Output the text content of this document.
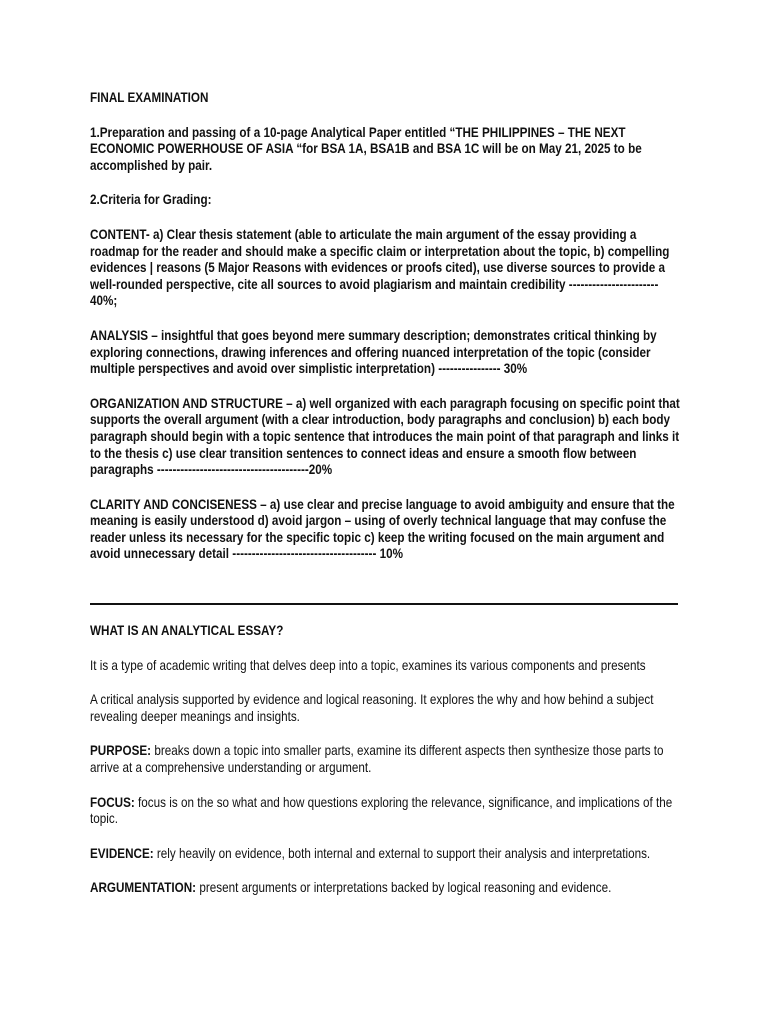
FINAL EXAMINATION

1.Preparation and passing of a 10-page Analytical Paper entitled “THE PHILIPPINES – THE NEXT ECONOMIC POWERHOUSE OF ASIA “for BSA 1A, BSA1B and BSA 1C will be on May 21, 2025 to be accomplished by pair.

2.Criteria for Grading:

CONTENT- a) Clear thesis statement (able to articulate the main argument of the essay providing a roadmap for the reader and should make a specific claim or interpretation about the topic, b) compelling evidences | reasons (5 Major Reasons with evidences or proofs cited), use diverse sources to provide a well-rounded perspective, cite all sources to avoid plagiarism and maintain credibility ----------------------- 40%;

ANALYSIS – insightful that goes beyond mere summary description; demonstrates critical thinking by exploring connections, drawing inferences and offering nuanced interpretation of the topic (consider multiple perspectives and avoid over simplistic interpretation) ---------------- 30%

ORGANIZATION AND STRUCTURE – a) well organized with each paragraph focusing on specific point that supports the overall argument (with a clear introduction, body paragraphs and conclusion) b) each body paragraph should begin with a topic sentence that introduces the main point of that paragraph and links it to the thesis c) use clear transition sentences to connect ideas and ensure a smooth flow between paragraphs ---------------------------------------20%

CLARITY AND CONCISENESS – a) use clear and precise language to avoid ambiguity and ensure that the meaning is easily understood d) avoid jargon – using of overly technical language that may confuse the reader unless its necessary for the specific topic c) keep the writing focused on the main argument and avoid unnecessary detail ------------------------------------- 10%

WHAT IS AN ANALYTICAL ESSAY?

It is a type of academic writing that delves deep into a topic, examines its various components and presents

A critical analysis supported by evidence and logical reasoning. It explores the why and how behind a subject revealing deeper meanings and insights.

PURPOSE: breaks down a topic into smaller parts, examine its different aspects then synthesize those parts to arrive at a comprehensive understanding or argument.

FOCUS: focus is on the so what and how questions exploring the relevance, significance, and implications of the topic.

EVIDENCE: rely heavily on evidence, both internal and external to support their analysis and interpretations.

ARGUMENTATION: present arguments or interpretations backed by logical reasoning and evidence.
